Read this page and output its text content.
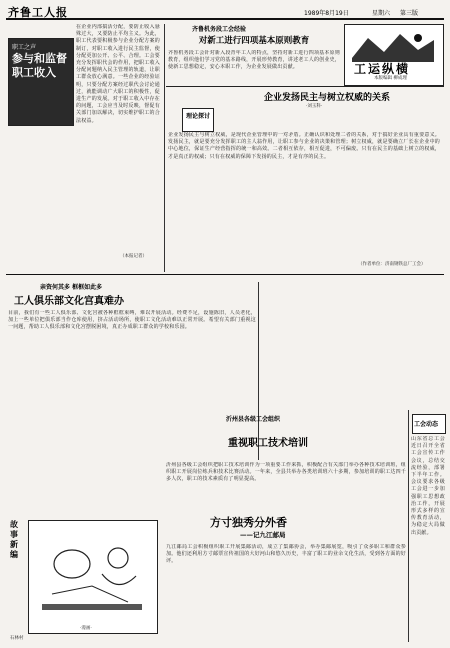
齐鲁工人报	1989年8月19日	星期六 第三版
职工之声
参与和监督职工收入
在企业内部搞活分配，要防止收入悬殊过大，又要防止平均主义。为此，职工代表要积极参与企业分配方案的制订，对职工收入进行民主监督，使分配更加公开、公平、合理。工会要充分发挥职代会的作用，把职工收入分配问题纳入民主管理的轨道，让职工群众放心满意。一些企业的经验证明，只要分配方案经过职代会讨论通过，就能调动广大职工的积极性，促进生产的发展。对于职工收入中存在的问题，工会应当及时反映，督促有关部门加以解决，切实维护职工的合法权益。
（本报记者）
齐鲁机务段工会经验
对新工进行四项基本原则教育
齐鲁机务段工会针对新入段青年工人的特点，坚持对新工进行四项基本原则教育，组织他们学习党的基本路线，开展形势教育，讲述老工人的创业史，使新工思想稳定，安心本职工作，为企业发展做出贡献。	工运纵横
本版编辑 柳成理
理论探讨
企业发扬民主与树立权威的关系
·刘玉科·
企业发扬民主与树立权威，是现代企业管理中的一对矛盾。正确认识和处理二者的关系，对于搞好企业具有重要意义。发扬民主，就是要充分发挥职工的主人翁作用，让职工参与企业的决策和管理；树立权威，就是要确立厂长在企业中的中心地位，保证生产经营指挥的统一和高效。二者相互依存，相互促进，不可偏废。只有在民主的基础上树立的权威，才是真正的权威；只有在权威的保障下发扬的民主，才是有序的民主。
（作者单位：济南钢铁总厂工会）
亲资何其多 框框如此多
工人俱乐部文化宫真难办
目前，我们有一些工人俱乐部、文化宫被各种框框束缚，难以开展活动。经费不足，设施陈旧，人员老化，加上一些单位把俱乐部当作仓库使用，挤占活动场所，使职工文化活动难以正常开展。希望有关部门重视这一问题，帮助工人俱乐部和文化宫摆脱困境，真正办成职工群众的学校和乐园。
沂州县各级工会组织
重视职工技术培训
沂州县各级工会组织把职工技术培训作为一项重要工作来抓，积极配合有关部门举办各种技术培训班，组织职工开展岗位练兵和技术比赛活动。一年来，全县共举办各类培训班六十多期，参加培训的职工达四千多人次，职工的技术素质有了明显提高。
方寸独秀分外香
——记九江邮局
九江邮局工会积极组织职工开展集邮活动，成立了集邮协会，举办集邮展览，吸引了众多职工和群众参加。他们还利用方寸邮票宣传祖国的大好河山和悠久历史，丰富了职工的业余文化生活，受到各方面的好评。
工会动态
山东省总工会近日召开全省工会宣传工作会议，总结交流经验，部署下半年工作。会议要求各级工会进一步加强职工思想政治工作，开展形式多样的宣传教育活动，为稳定大局做出贡献。
故事新编
·漫画·
石林村
